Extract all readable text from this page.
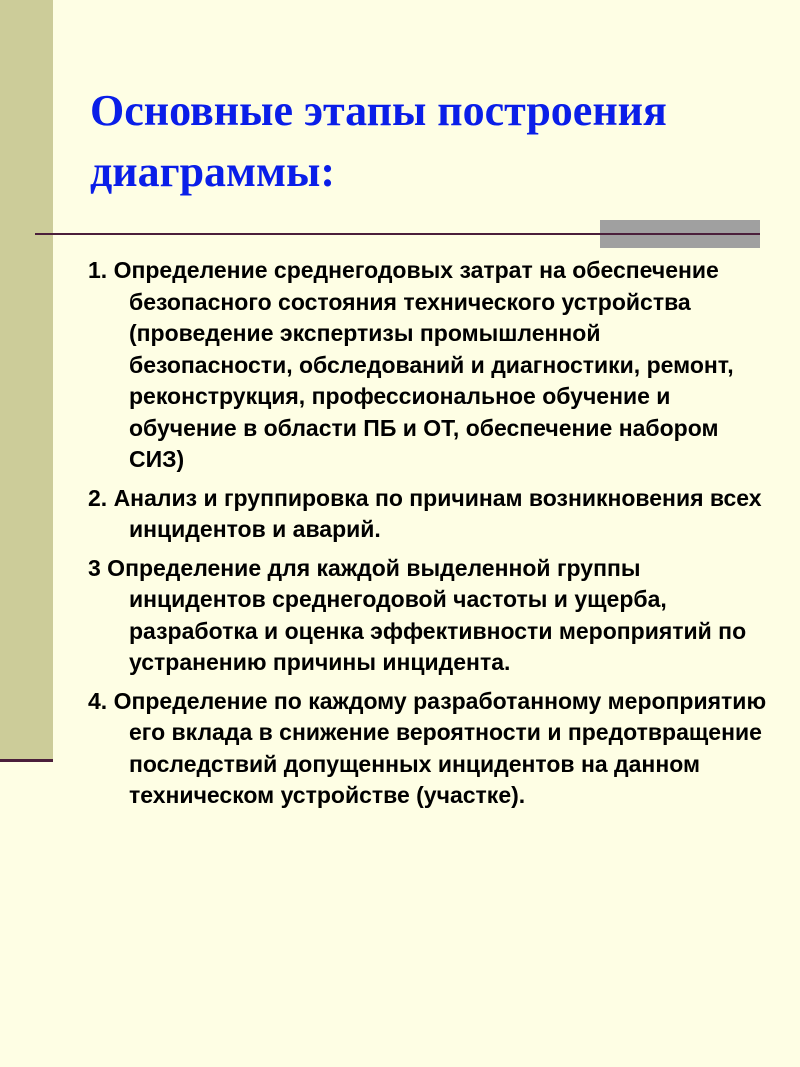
Основные этапы построения диаграммы:
1. Определение среднегодовых затрат на обеспечение безопасного состояния технического устройства (проведение экспертизы промышленной безопасности, обследований и диагностики, ремонт, реконструкция, профессиональное обучение и обучение в области ПБ и ОТ, обеспечение набором СИЗ)
2. Анализ и группировка по причинам возникновения всех инцидентов и аварий.
3 Определение для каждой выделенной группы инцидентов среднегодовой частоты и ущерба, разработка и оценка эффективности мероприятий по устранению причины инцидента.
4. Определение по каждому разработанному мероприятию его вклада в снижение вероятности и предотвращение последствий допущенных инцидентов на данном техническом устройстве (участке).
